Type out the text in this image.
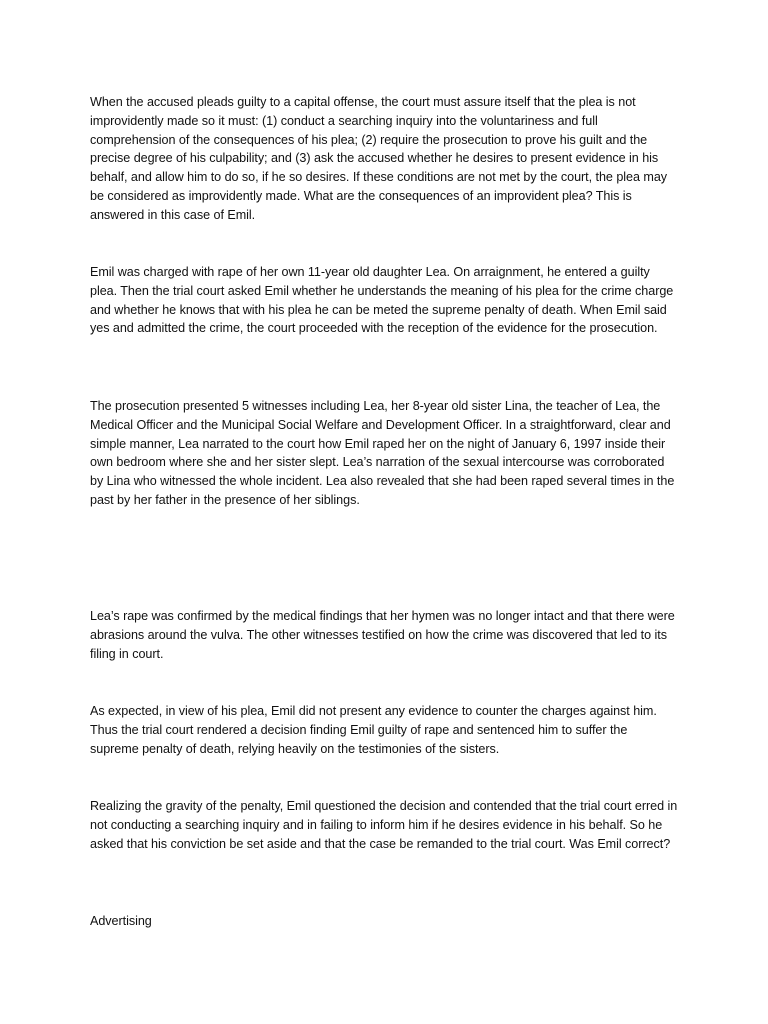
When the accused pleads guilty to a capital offense, the court must assure itself that the plea is not improvidently made so it must: (1) conduct a searching inquiry into the voluntariness and full comprehension of the consequences of his plea; (2) require the prosecution to prove his guilt and the precise degree of his culpability; and (3) ask the accused whether he desires to present evidence in his behalf, and allow him to do so, if he so desires. If these conditions are not met by the court, the plea may be considered as improvidently made. What are the consequences of an improvident plea? This is answered in this case of Emil.

Emil was charged with rape of her own 11-year old daughter Lea. On arraignment, he entered a guilty plea. Then the trial court asked Emil whether he understands the meaning of his plea for the crime charge and whether he knows that with his plea he can be meted the supreme penalty of death. When Emil said yes and admitted the crime, the court proceeded with the reception of the evidence for the prosecution.

The prosecution presented 5 witnesses including Lea, her 8-year old sister Lina, the teacher of Lea, the Medical Officer and the Municipal Social Welfare and Development Officer. In a straightforward, clear and simple manner, Lea narrated to the court how Emil raped her on the night of January 6, 1997 inside their own bedroom where she and her sister slept. Lea’s narration of the sexual intercourse was corroborated by Lina who witnessed the whole incident. Lea also revealed that she had been raped several times in the past by her father in the presence of her siblings.

Lea’s rape was confirmed by the medical findings that her hymen was no longer intact and that there were abrasions around the vulva. The other witnesses testified on how the crime was discovered that led to its filing in court.

As expected, in view of his plea, Emil did not present any evidence to counter the charges against him. Thus the trial court rendered a decision finding Emil guilty of rape and sentenced him to suffer the supreme penalty of death, relying heavily on the testimonies of the sisters.

Realizing the gravity of the penalty, Emil questioned the decision and contended that the trial court erred in not conducting a searching inquiry and in failing to inform him if he desires evidence in his behalf. So he asked that his conviction be set aside and that the case be remanded to the trial court. Was Emil correct?

Advertising
